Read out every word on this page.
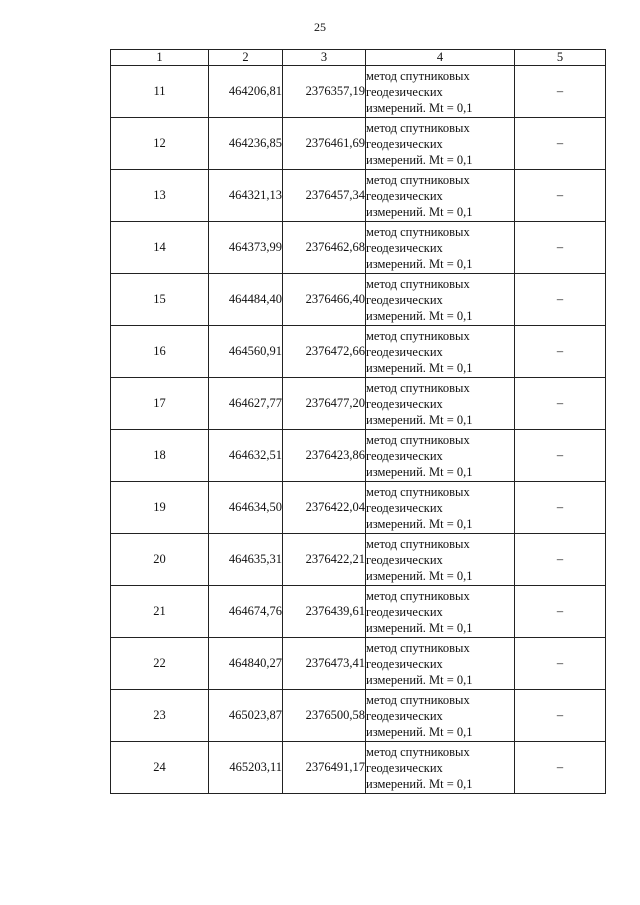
25
1	2	3	4	5
11	464206,81	2376357,19	метод спутниковых
геодезических
измерений. Mt = 0,1	–
12	464236,85	2376461,69	метод спутниковых
геодезических
измерений. Mt = 0,1	–
13	464321,13	2376457,34	метод спутниковых
геодезических
измерений. Mt = 0,1	–
14	464373,99	2376462,68	метод спутниковых
геодезических
измерений. Mt = 0,1	–
15	464484,40	2376466,40	метод спутниковых
геодезических
измерений. Mt = 0,1	–
16	464560,91	2376472,66	метод спутниковых
геодезических
измерений. Mt = 0,1	–
17	464627,77	2376477,20	метод спутниковых
геодезических
измерений. Mt = 0,1	–
18	464632,51	2376423,86	метод спутниковых
геодезических
измерений. Mt = 0,1	–
19	464634,50	2376422,04	метод спутниковых
геодезических
измерений. Mt = 0,1	–
20	464635,31	2376422,21	метод спутниковых
геодезических
измерений. Mt = 0,1	–
21	464674,76	2376439,61	метод спутниковых
геодезических
измерений. Mt = 0,1	–
22	464840,27	2376473,41	метод спутниковых
геодезических
измерений. Mt = 0,1	–
23	465023,87	2376500,58	метод спутниковых
геодезических
измерений. Mt = 0,1	–
24	465203,11	2376491,17	метод спутниковых
геодезических
измерений. Mt = 0,1	–
